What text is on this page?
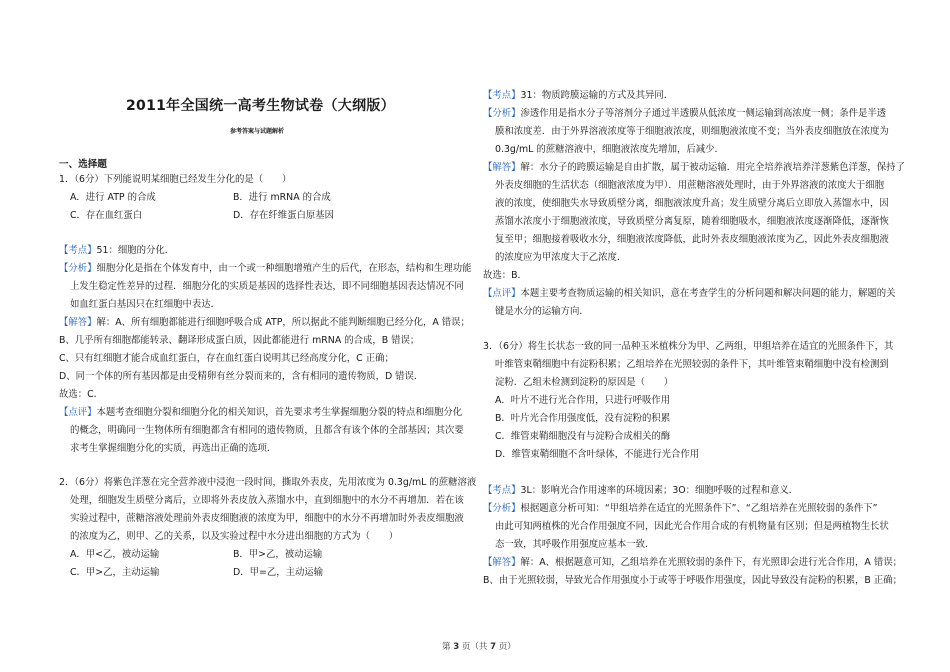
2011年全国统一高考生物试卷（大纲版）
参考答案与试题解析
一、选择题
1．（6分）下列能说明某细胞已经发生分化的是（　　）
A．进行 ATP 的合成	B．进行 mRNA 的合成
C．存在血红蛋白	D．存在纤维蛋白原基因
【考点】51：细胞的分化．
【分析】细胞分化是指在个体发育中，由一个或一种细胞增殖产生的后代，在形态，结构和生理功能
上发生稳定性差异的过程．细胞分化的实质是基因的选择性表达，即不同细胞基因表达情况不同
如血红蛋白基因只在红细胞中表达．
【解答】解：A、所有细胞都能进行细胞呼吸合成 ATP，所以据此不能判断细胞已经分化，A 错误；
B、几乎所有细胞都能转录、翻译形成蛋白质，因此都能进行 mRNA 的合成，B 错误；
C、只有红细胞才能合成血红蛋白，存在血红蛋白说明其已经高度分化，C 正确；
D、同一个体的所有基因都是由受精卵有丝分裂而来的，含有相同的遗传物质，D 错误．
故选：C．
【点评】本题考查细胞分裂和细胞分化的相关知识，首先要求考生掌握细胞分裂的特点和细胞分化
的概念，明确同一生物体所有细胞都含有相同的遗传物质，且都含有该个体的全部基因；其次要
求考生掌握细胞分化的实质，再选出正确的选项．
2．（6分）将紫色洋葱在完全营养液中浸泡一段时间，撕取外表皮，先用浓度为 0.3g/mL 的蔗糖溶液
处理，细胞发生质壁分离后，立即将外表皮放入蒸馏水中，直到细胞中的水分不再增加．若在该
实验过程中，蔗糖溶液处理前外表皮细胞液的浓度为甲，细胞中的水分不再增加时外表皮细胞液
的浓度为乙，则甲、乙的关系，以及实验过程中水分进出细胞的方式为（　　）
A．甲<乙，被动运输	B．甲>乙，被动运输
C．甲>乙，主动运输	D．甲=乙，主动运输
【考点】31：物质跨膜运输的方式及其异同．
【分析】渗透作用是指水分子等溶剂分子通过半透膜从低浓度一侧运输到高浓度一侧；条件是半透
膜和浓度差．由于外界溶液浓度等于细胞液浓度，则细胞液浓度不变；当外表皮细胞放在浓度为
0.3g/mL 的蔗糖溶液中，细胞液浓度先增加，后减少．
【解答】解：水分子的跨膜运输是自由扩散，属于被动运输．用完全培养液培养洋葱紫色洋葱，保持了
外表皮细胞的生活状态（细胞液浓度为甲）．用蔗糖溶液处理时，由于外界溶液的浓度大于细胞
液的浓度，使细胞失水导致质壁分离，细胞液浓度升高；发生质壁分离后立即放入蒸馏水中，因
蒸馏水浓度小于细胞液浓度，导致质壁分离复原，随着细胞吸水，细胞液浓度逐渐降低，逐渐恢
复至甲；细胞接着吸收水分，细胞液浓度降低，此时外表皮细胞液浓度为乙，因此外表皮细胞液
的浓度应为甲浓度大于乙浓度．
故选：B．
【点评】本题主要考查物质运输的相关知识，意在考查学生的分析问题和解决问题的能力，解题的关
键是水分的运输方向．
3．（6分）将生长状态一致的同一品种玉米植株分为甲、乙两组，甲组培养在适宜的光照条件下，其
叶维管束鞘细胞中有淀粉积累；乙组培养在光照较弱的条件下，其叶维管束鞘细胞中没有检测到
淀粉．乙组未检测到淀粉的原因是（　　）
A．叶片不进行光合作用，只进行呼吸作用
B．叶片光合作用强度低，没有淀粉的积累
C．维管束鞘细胞没有与淀粉合成相关的酶
D．维管束鞘细胞不含叶绿体，不能进行光合作用
【考点】3L：影响光合作用速率的环境因素；3O：细胞呼吸的过程和意义．
【分析】根据题意分析可知：“甲组培养在适宜的光照条件下”、“乙组培养在光照较弱的条件下”
由此可知两植株的光合作用强度不同，因此光合作用合成的有机物量有区别；但是两植物生长状
态一致，其呼吸作用强度应基本一致．
【解答】解：A、根据题意可知，乙组培养在光照较弱的条件下，有光照即会进行光合作用，A 错误；
B、由于光照较弱，导致光合作用强度小于或等于呼吸作用强度，因此导致没有淀粉的积累，B 正确；
第 3 页（共 7 页）
